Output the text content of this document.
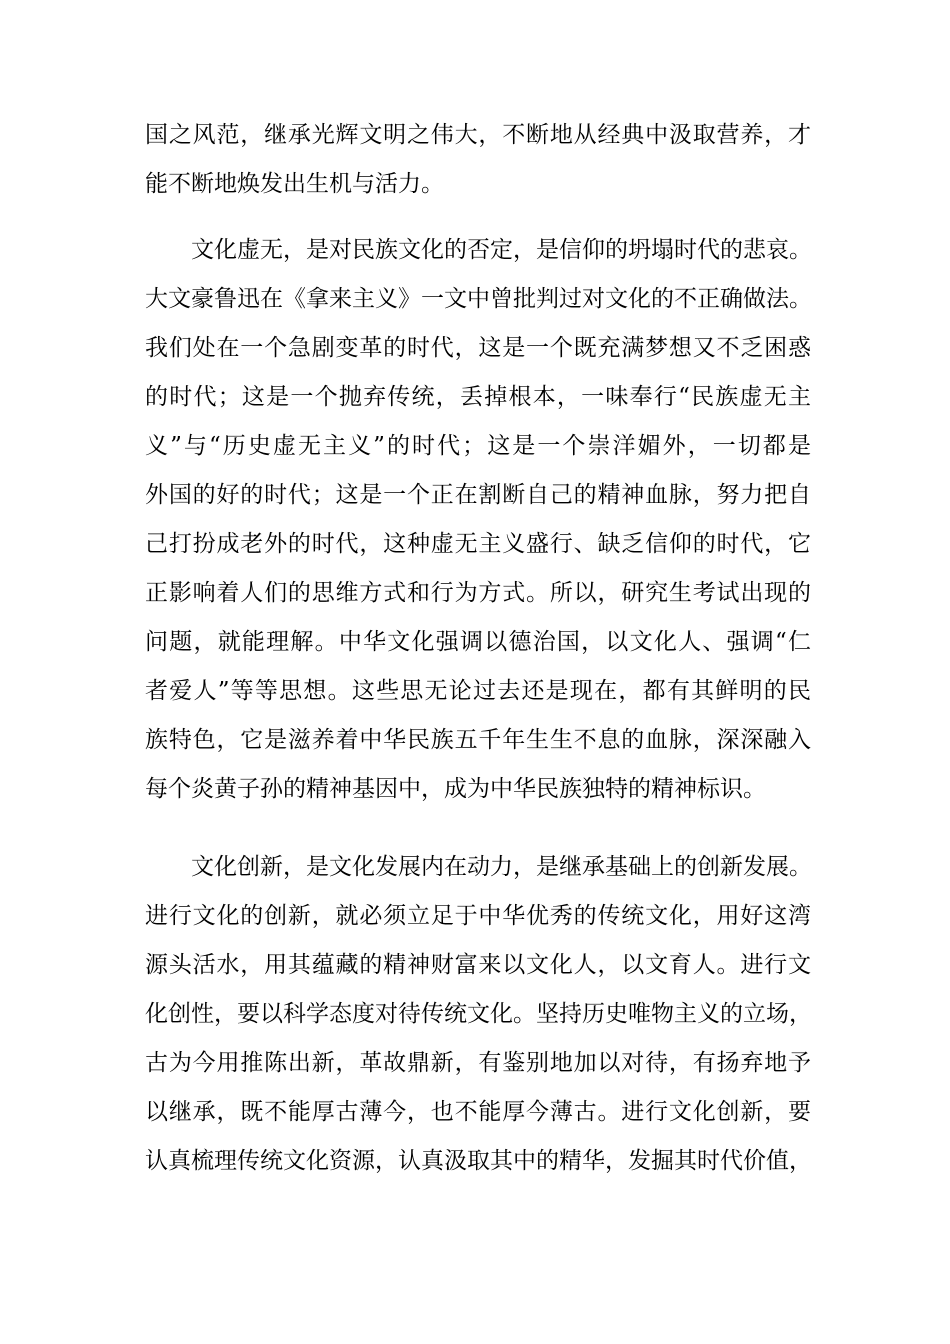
国之风范，继承光辉文明之伟大，不断地从经典中汲取营养，才
能不断地焕发出生机与活力。
文化虚无，是对民族文化的否定，是信仰的坍塌时代的悲哀。
大文豪鲁迅在《拿来主义》一文中曾批判过对文化的不正确做法。
我们处在一个急剧变革的时代，这是一个既充满梦想又不乏困惑
的时代；这是一个抛弃传统，丢掉根本，一味奉行“民族虚无主
义”与“历史虚无主义”的时代；这是一个崇洋媚外，一切都是
外国的好的时代；这是一个正在割断自己的精神血脉，努力把自
己打扮成老外的时代，这种虚无主义盛行、缺乏信仰的时代，它
正影响着人们的思维方式和行为方式。所以，研究生考试出现的
问题，就能理解。中华文化强调以德治国，以文化人、强调“仁
者爱人”等等思想。这些思无论过去还是现在，都有其鲜明的民
族特色，它是滋养着中华民族五千年生生不息的血脉，深深融入
每个炎黄子孙的精神基因中，成为中华民族独特的精神标识。
文化创新，是文化发展内在动力，是继承基础上的创新发展。
进行文化的创新，就必须立足于中华优秀的传统文化，用好这湾
源头活水，用其蕴藏的精神财富来以文化人，以文育人。进行文
化创性，要以科学态度对待传统文化。坚持历史唯物主义的立场，
古为今用推陈出新，革故鼎新，有鉴别地加以对待，有扬弃地予
以继承，既不能厚古薄今，也不能厚今薄古。进行文化创新，要
认真梳理传统文化资源，认真汲取其中的精华，发掘其时代价值，
